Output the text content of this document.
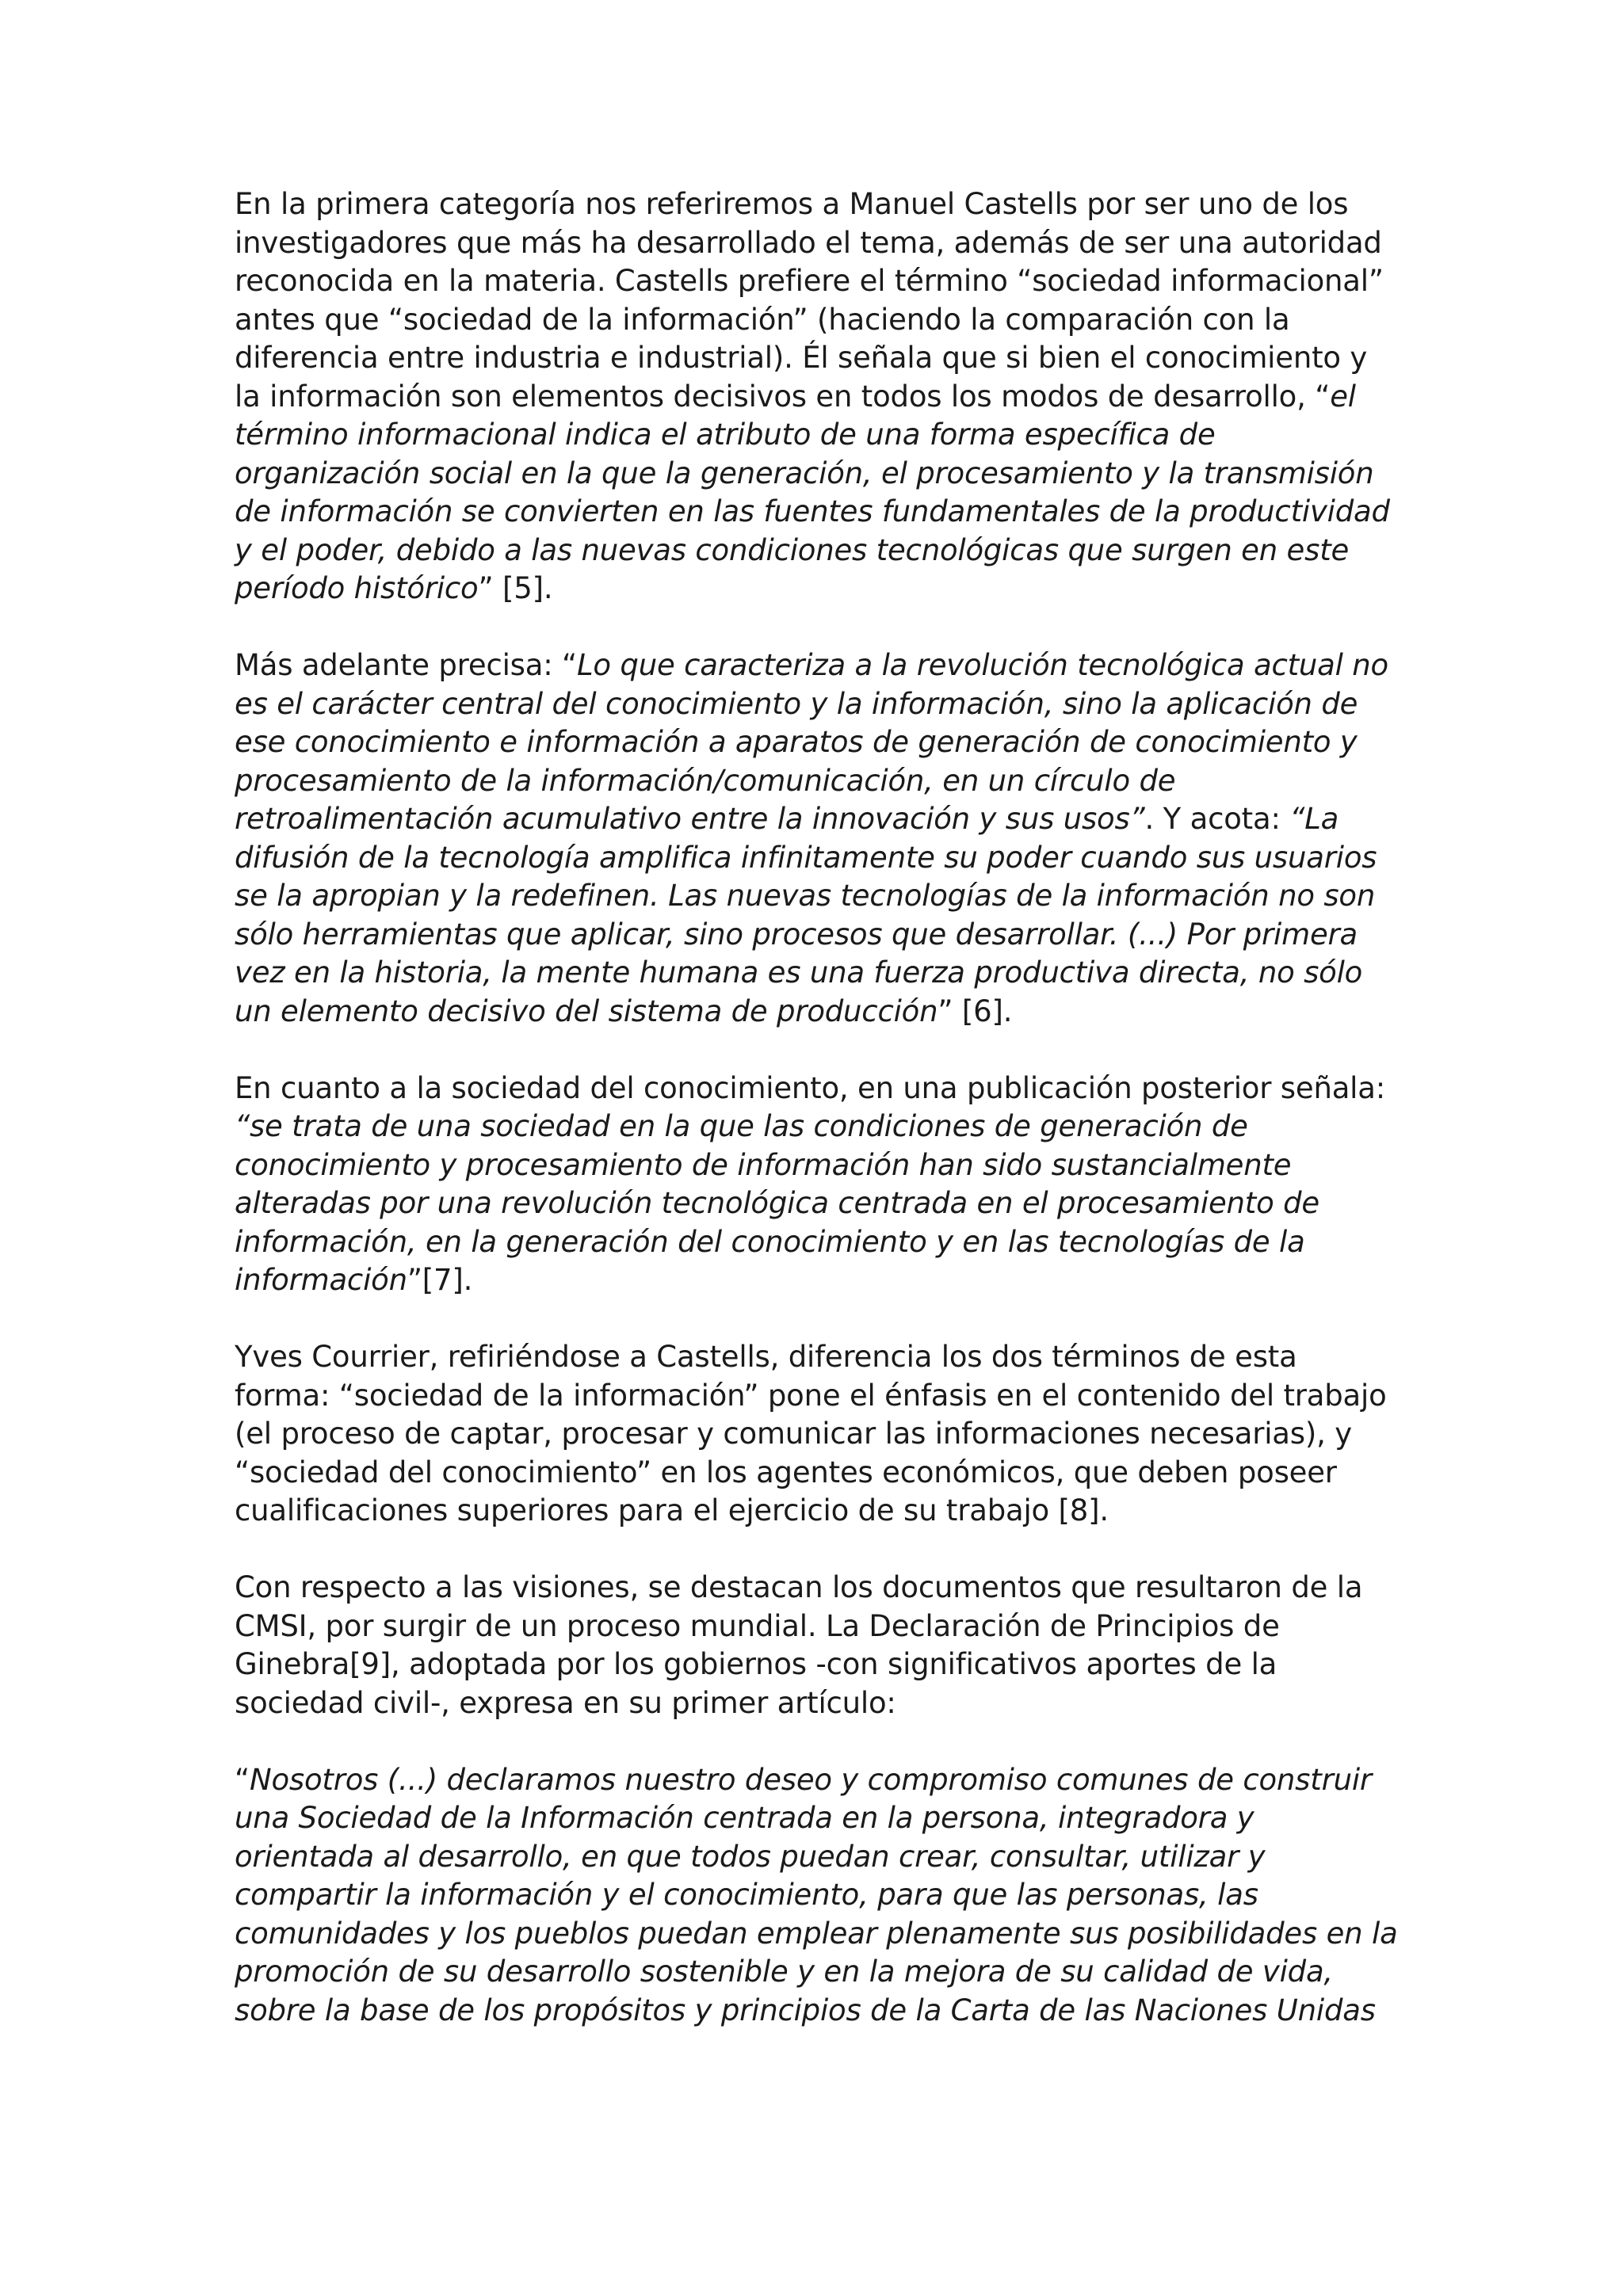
En la primera categoría nos referiremos a Manuel Castells por ser uno de los investigadores que más ha desarrollado el tema, además de ser una autoridad reconocida en la materia. Castells prefiere el término “sociedad informacional” antes que “sociedad de la información” (haciendo la comparación con la diferencia entre industria e industrial). Él señala que si bien el conocimiento y la información son elementos decisivos en todos los modos de desarrollo, “el término informacional indica el atributo de una forma específica de organización social en la que la generación, el procesamiento y la transmisión de información se convierten en las fuentes fundamentales de la productividad y el poder, debido a las nuevas condiciones tecnológicas que surgen en este período histórico” [5].

Más adelante precisa: “Lo que caracteriza a la revolución tecnológica actual no es el carácter central del conocimiento y la información, sino la aplicación de ese conocimiento e información a aparatos de generación de conocimiento y procesamiento de la información/comunicación, en un círculo de retroalimentación acumulativo entre la innovación y sus usos”. Y acota: “La difusión de la tecnología amplifica infinitamente su poder cuando sus usuarios se la apropian y la redefinen. Las nuevas tecnologías de la información no son sólo herramientas que aplicar, sino procesos que desarrollar. (...) Por primera vez en la historia, la mente humana es una fuerza productiva directa, no sólo un elemento decisivo del sistema de producción” [6].

En cuanto a la sociedad del conocimiento, en una publicación posterior señala: “se trata de una sociedad en la que las condiciones de generación de conocimiento y procesamiento de información han sido sustancialmente alteradas por una revolución tecnológica centrada en el procesamiento de información, en la generación del conocimiento y en las tecnologías de la información”[7].

Yves Courrier, refiriéndose a Castells, diferencia los dos términos de esta forma: “sociedad de la información” pone el énfasis en el contenido del trabajo (el proceso de captar, procesar y comunicar las informaciones necesarias), y “sociedad del conocimiento” en los agentes económicos, que deben poseer cualificaciones superiores para el ejercicio de su trabajo [8].

Con respecto a las visiones, se destacan los documentos que resultaron de la CMSI, por surgir de un proceso mundial. La Declaración de Principios de Ginebra[9], adoptada por los gobiernos -con significativos aportes de la sociedad civil-, expresa en su primer artículo:

“Nosotros (...) declaramos nuestro deseo y compromiso comunes de construir una Sociedad de la Información centrada en la persona, integradora y orientada al desarrollo, en que todos puedan crear, consultar, utilizar y compartir la información y el conocimiento, para que las personas, las comunidades y los pueblos puedan emplear plenamente sus posibilidades en la promoción de su desarrollo sostenible y en la mejora de su calidad de vida, sobre la base de los propósitos y principios de la Carta de las Naciones Unidas
